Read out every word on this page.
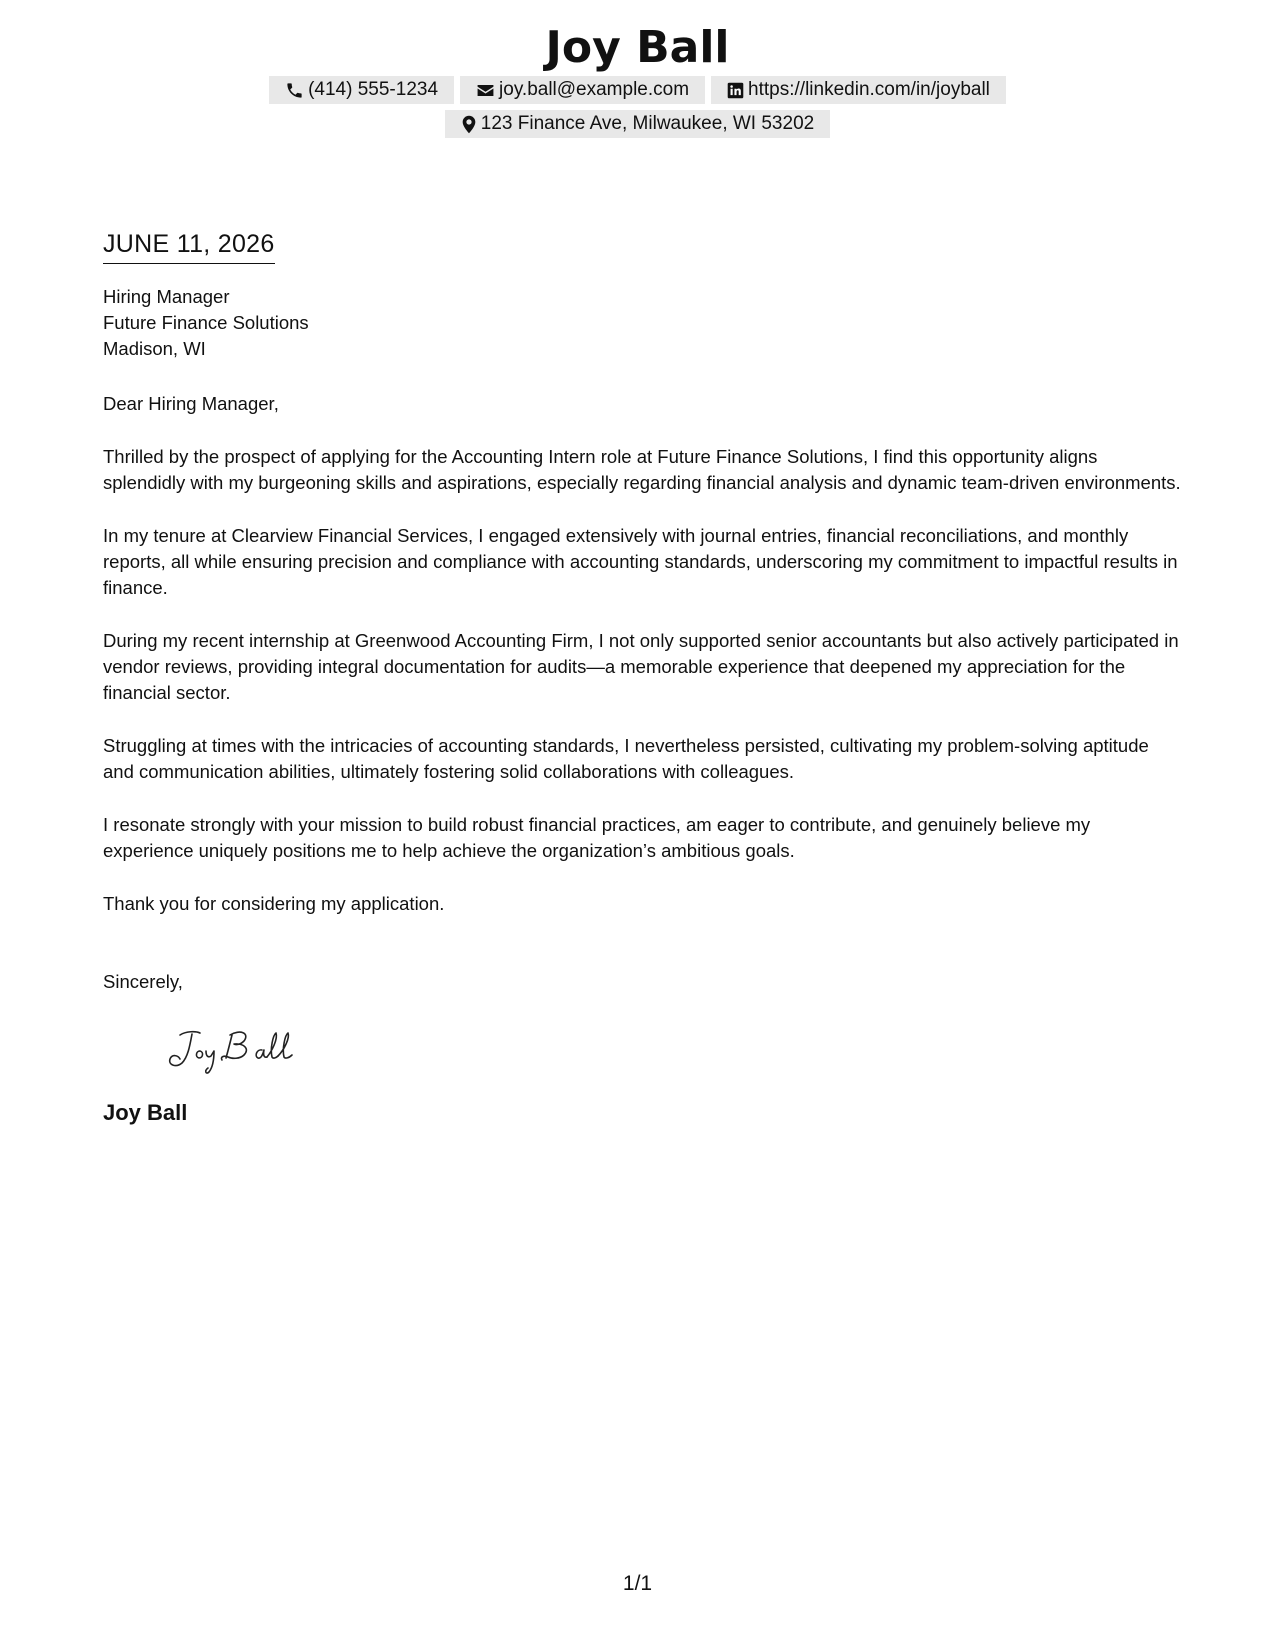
Joy Ball
(414) 555-1234	joy.ball@example.com	https://linkedin.com/in/joyball
123 Finance Ave, Milwaukee, WI 53202
JUNE 11, 2026
Hiring Manager
Future Finance Solutions
Madison, WI
Dear Hiring Manager,

Thrilled by the prospect of applying for the Accounting Intern role at Future Finance Solutions, I find this opportunity aligns splendidly with my burgeoning skills and aspirations, especially regarding financial analysis and dynamic team-driven environments.

In my tenure at Clearview Financial Services, I engaged extensively with journal entries, financial reconciliations, and monthly reports, all while ensuring precision and compliance with accounting standards, underscoring my commitment to impactful results in finance.

During my recent internship at Greenwood Accounting Firm, I not only supported senior accountants but also actively participated in vendor reviews, providing integral documentation for audits—a memorable experience that deepened my appreciation for the financial sector.

Struggling at times with the intricacies of accounting standards, I nevertheless persisted, cultivating my problem-solving aptitude and communication abilities, ultimately fostering solid collaborations with colleagues.

I resonate strongly with your mission to build robust financial practices, am eager to contribute, and genuinely believe my experience uniquely positions me to help achieve the organization’s ambitious goals.

Thank you for considering my application.

Sincerely,
Joy Ball
1/1
